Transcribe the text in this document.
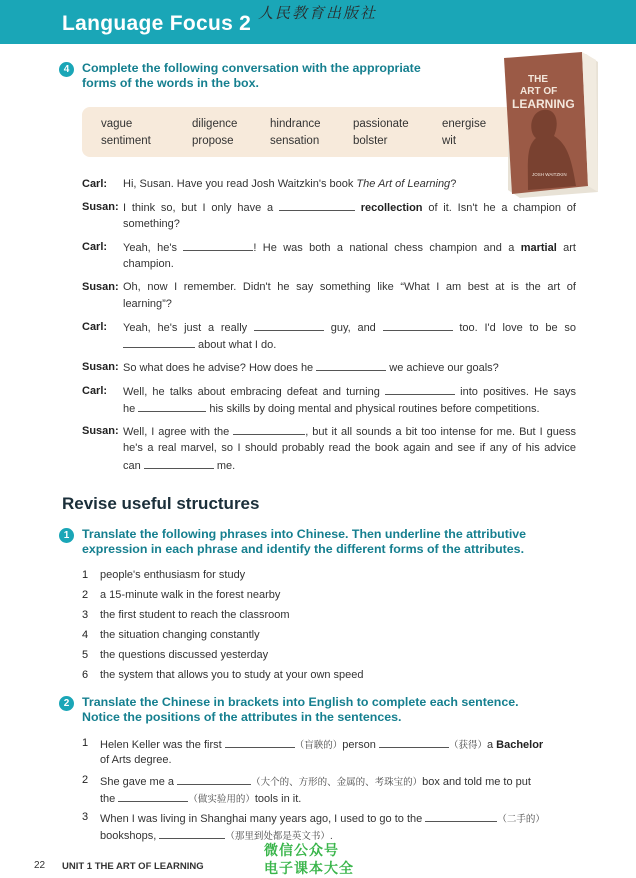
Language Focus 2 人民教育出版社
4	Complete the following conversation with the appropriate
forms of the words in the box.
vague	diligence	hindrance	passionate	energise
sentiment	propose	sensation	bolster	wit
THE
ART OF
LEARNING
JOSH WAITZKIN
Carl: Hi, Susan. Have you read Josh Waitzkin's book The Art of Learning?
Susan: I think so, but I only have a	recollection of it. Isn't he a champion of
something?
Carl: Yeah, he's	! He was both a national chess champion and a martial art
champion.
Susan: Oh, now I remember. Didn't he say something like “What I am best at is the art of
learning”?
Carl: Yeah, he's just a really	guy, and	too. I'd love to be so
about what I do.
Susan: So what does he advise? How does he	we achieve our goals?
Carl: Well, he talks about embracing defeat and turning	into positives. He says
he	his skills by doing mental and physical routines before competitions.
Susan: Well, I agree with the	, but it all sounds a bit too intense for me. But I guess
he's a real marvel, so I should probably read the book again and see if any of his advice
can	me.
Revise useful structures
1	Translate the following phrases into Chinese. Then underline the attributive
expression in each phrase and identify the different forms of the attributes.
1 people's enthusiasm for study
2 a 15-minute walk in the forest nearby
3 the first student to reach the classroom
4 the situation changing constantly
5 the questions discussed yesterday
6 the system that allows you to study at your own speed
2	Translate the Chinese in brackets into English to complete each sentence.
Notice the positions of the attributes in the sentences.
1 Helen Keller was the first	（盲聗的）person	（获得）a Bachelor
of Arts degree.
2 She gave me a	（大个的、方形的、金属的、考珠宝的）box and told me to put
the	（做实验用的）tools in it.
3 When I was living in Shanghai many years ago, I used to go to the	（二手的）
bookshops,	（那里到处都是英文书）.
22 UNIT 1 THE ART OF LEARNING
微信公众号
电子课本大全
